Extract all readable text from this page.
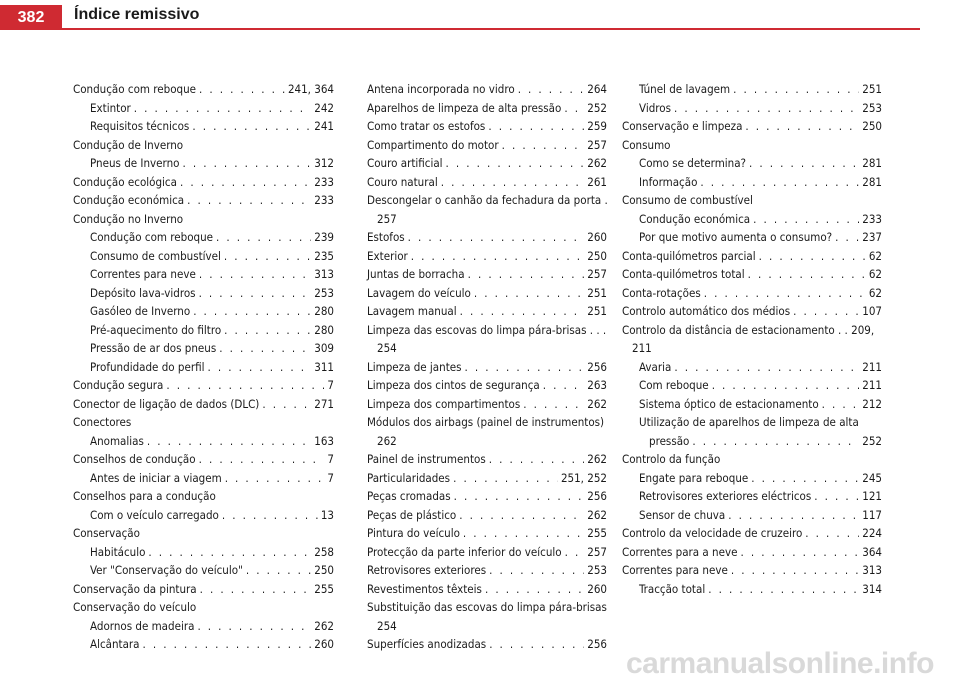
382	Índice remissivo
Condução com reboque . . .	241, 364
Extintor . . .	242
Requisitos técnicos . . .	241
Condução de Inverno
Pneus de Inverno . . .	312
Condução ecológica . . .	233
Condução económica . . .	233
Condução no Inverno
Condução com reboque . . .	239
Consumo de combustível . . .	235
Correntes para neve . . .	313
Depósito lava-vidros . . .	253
Gasóleo de Inverno . . .	280
Pré-aquecimento do filtro . . .	280
Pressão de ar dos pneus . . .	309
Profundidade do perfil . . .	311
Condução segura . . .	7
Conector de ligação de dados (DLC) . . .	271
Conectores
Anomalias . . .	163
Conselhos de condução . . .	7
Antes de iniciar a viagem . . .	7
Conselhos para a condução
Com o veículo carregado . . .	13
Conservação
Habitáculo . . .	258
Ver "Conservação do veículo" . . .	250
Conservação da pintura . . .	255
Conservação do veículo
Adornos de madeira . . .	262
Alcântara . . .	260
Antena incorporada no vidro . . .	264
Aparelhos de limpeza de alta pressão . . . 252
Como tratar os estofos . . .	259
Compartimento do motor . . .	257
Couro artificial . . .	262
Couro natural . . .	261
Descongelar o canhão da fechadura da porta .
257
Estofos . . .	260
Exterior . . .	250
Juntas de borracha . . .	257
Lavagem do veículo . . .	251
Lavagem manual . . .	251
Limpeza das escovas do limpa pára-brisas . . .
254
Limpeza de jantes . . .	256
Limpeza dos cintos de segurança . . .	263
Limpeza dos compartimentos . . .	262
Módulos dos airbags (painel de instrumentos)
262
Painel de instrumentos . . .	262
Particularidades . . .	251, 252
Peças cromadas . . .	256
Peças de plástico . . .	262
Pintura do veículo . . .	255
Protecção da parte inferior do veículo . . . 257
Retrovisores exteriores . . .	253
Revestimentos têxteis . . .	260
Substituição das escovas do limpa pára-brisas
254
Superfícies anodizadas . . .	256
Túnel de lavagem . . .	251
Vidros . . .	253
Conservação e limpeza . . .	250
Consumo
Como se determina? . . .	281
Informação . . .	281
Consumo de combustível
Condução económica . . .	233
Por que motivo aumenta o consumo? . . .	237
Conta-quilómetros parcial . . .	62
Conta-quilómetros total . . .	62
Conta-rotações . . .	62
Controlo automático dos médios . . .	107
Controlo da distância de estacionamento . . 209,
211
Avaria . . .	211
Com reboque . . .	211
Sistema óptico de estacionamento . . .	212
Utilização de aparelhos de limpeza de alta
pressão . . .	252
Controlo da função
Engate para reboque . . .	245
Retrovisores exteriores eléctricos . . .	121
Sensor de chuva . . .	117
Controlo da velocidade de cruzeiro . . .	224
Correntes para a neve . . .	364
Correntes para neve . . .	313
Tracção total . . .	314
carmanualsonline.info
